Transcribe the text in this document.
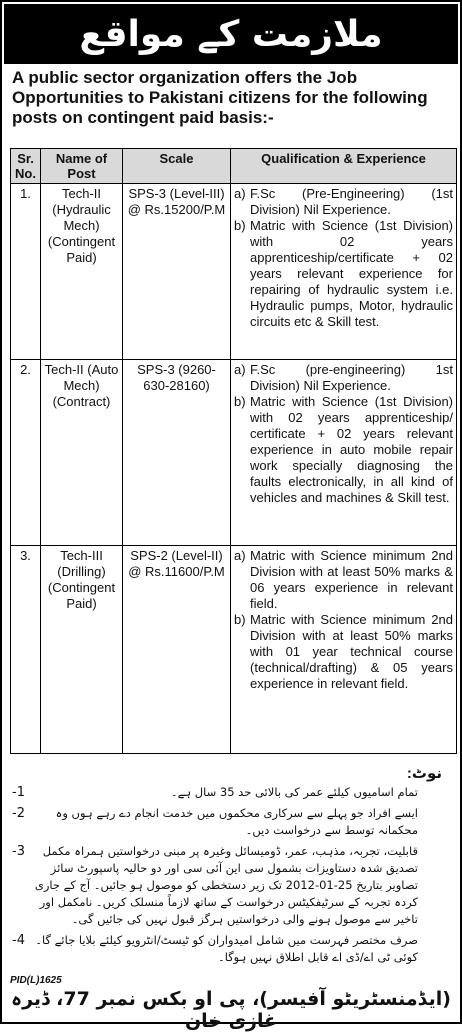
ملازمت کے مواقع

A public sector organization offers the Job Opportunities to Pakistani citizens for the following posts on contingent paid basis:-

Sr. No.	Name of Post	Scale	Qualification & Experience
1.	Tech-II (Hydraulic Mech) (Contingent Paid)	SPS-3 (Level-III) @ Rs.15200/P.M	a) F.Sc (Pre-Engineering) (1st Division) Nil Experience.
b) Matric with Science (1st Division) with 02 years apprenticeship/certificate + 02 years relevant experience for repairing of hydraulic system i.e. Hydraulic pumps, Motor, hydraulic circuits etc & Skill test.

2.	Tech-II (Auto Mech) (Contract)	SPS-3 (9260-630-28160)	a) F.Sc (pre-engineering) 1st Division) Nil Experience.
b) Matric with Science (1st Division) with 02 years apprenticeship/ certificate + 02 years relevant experience in auto mobile repair work specially diagnosing the faults electronically, in all kind of vehicles and machines & Skill test.

3.	Tech-III (Drilling) (Contingent Paid)	SPS-2 (Level-II) @ Rs.11600/P.M	a) Matric with Science minimum 2nd Division with at least 50% marks & 06 years experience in relevant field.
b) Matric with Science minimum 2nd Division with at least 50% marks with 01 year technical course (technical/drafting) & 05 years experience in relevant field.
نوٹ:
-1	تمام اسامیوں کیلئے عمر کی بالائی حد 35 سال ہے۔
-2	ایسے افراد جو پہلے سے سرکاری محکموں میں خدمت انجام دے رہے ہوں وہ محکمانہ توسط سے درخواست دیں۔
-3 قابلیت، تجربہ، مذہب، عمر، ڈومیسائل وغیرہ پر مبنی درخواستیں ہمراہ مکمل تصدیق شدہ دستاویزات بشمول سی این آئی سی اور دو حالیہ پاسپورٹ سائز تصاویر بتاریخ 25-01-2012 تک زیر دستخطی کو موصول ہو جائیں۔ آج کے جاری کردہ تجربہ کے سرٹیفکیٹس درخواست کے ساتھ لازماً منسلک کریں۔ نامکمل اور تاخیر سے موصول ہونے والی درخواستیں ہرگز قبول نہیں کی جائیں گی۔
-4 صرف مختصر فہرست میں شامل امیدواران کو ٹیسٹ/انٹرویو کیلئے بلایا جائے گا۔ کوئی ٹی اے/ڈی اے قابل اطلاق نہیں ہوگا۔
PID(L)1625
(ایڈمنسٹریٹو آفیسر)، پی او بکس نمبر 77، ڈیرہ غازی خان
